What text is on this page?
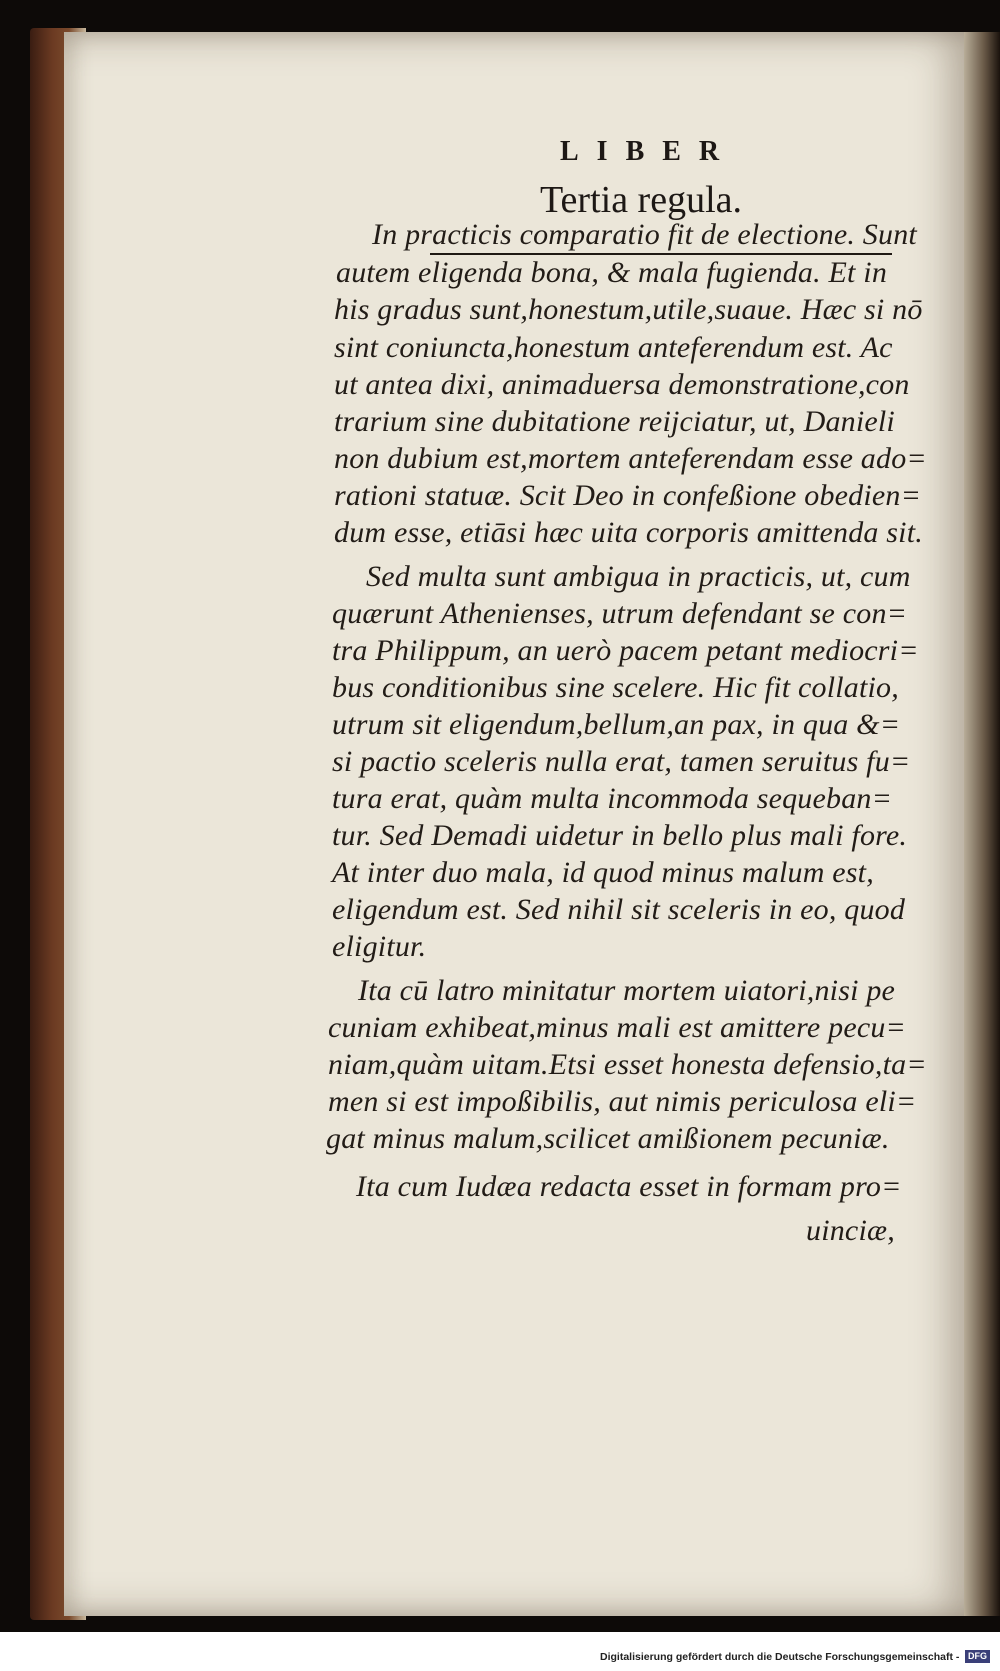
LIBER
Tertia regula.
In practicis comparatio fit de electione. Sunt
autem eligenda bona, & mala fugienda. Et in
his gradus sunt,honestum,utile,suaue. Hæc si nō
sint coniuncta,honestum anteferendum est. Ac
ut antea dixi, animaduersa demonstratione,con
trarium sine dubitatione reijciatur, ut, Danieli
non dubium est,mortem anteferendam esse ado=
rationi statuæ. Scit Deo in confeßione obedien=
dum esse, etiāsi hæc uita corporis amittenda sit.
Sed multa sunt ambigua in practicis, ut, cum
quærunt Athenienses, utrum defendant se con=
tra Philippum, an uerò pacem petant mediocri=
bus conditionibus sine scelere. Hic fit collatio,
utrum sit eligendum,bellum,an pax, in qua &=
si pactio sceleris nulla erat, tamen seruitus fu=
tura erat, quàm multa incommoda sequeban=
tur. Sed Demadi uidetur in bello plus mali fore.
At inter duo mala, id quod minus malum est,
eligendum est. Sed nihil sit sceleris in eo, quod
eligitur.
Ita cū latro minitatur mortem uiatori,nisi pe
cuniam exhibeat,minus mali est amittere pecu=
niam,quàm uitam.Etsi esset honesta defensio,ta=
men si est impoßibilis, aut nimis periculosa eli=
gat minus malum,scilicet amißionem pecuniæ.
Ita cum Iudæa redacta esset in formam pro=
uinciæ,
Digitalisierung gefördert durch die Deutsche Forschungsgemeinschaft - DFG
